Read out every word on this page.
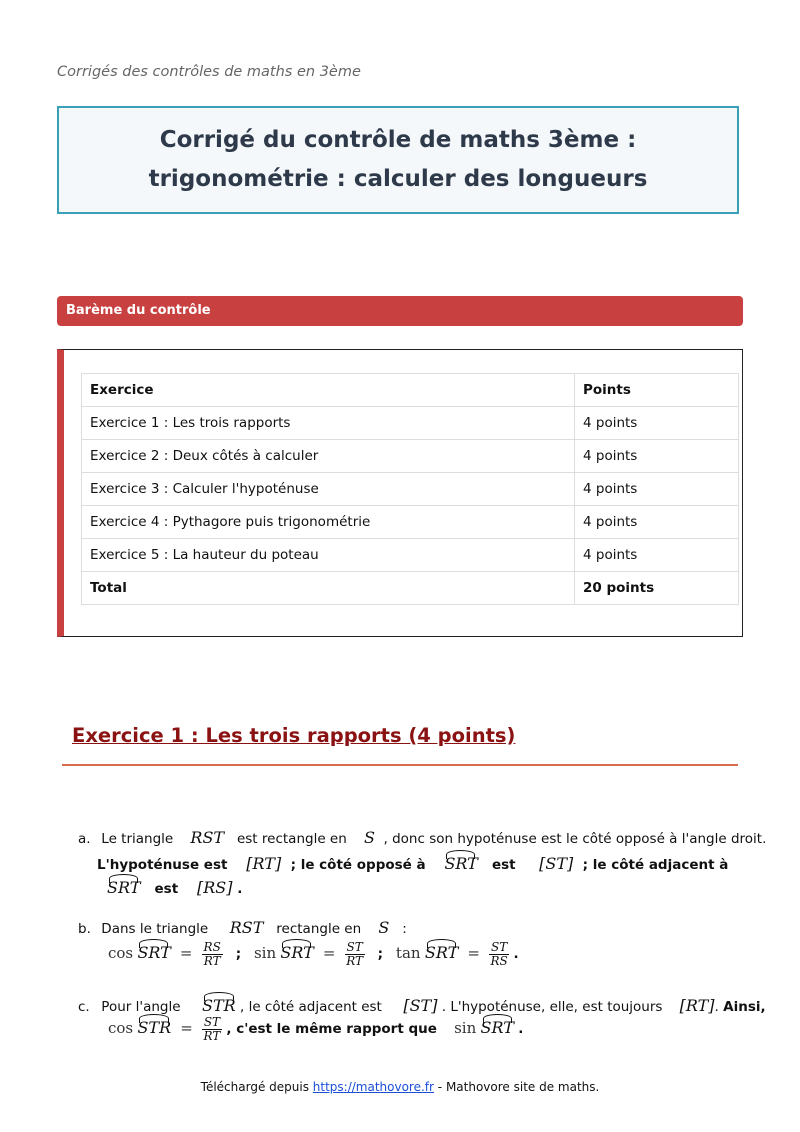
Corrigés des contrôles de maths en 3ème
Corrigé du contrôle de maths 3ème : trigonométrie : calculer des longueurs
Barème du contrôle
Exercice	Points
Exercice 1 : Les trois rapports	4 points
Exercice 2 : Deux côtés à calculer	4 points
Exercice 3 : Calculer l'hypoténuse	4 points
Exercice 4 : Pythagore puis trigonométrie	4 points
Exercice 5 : La hauteur du poteau	4 points
Total	20 points
Exercice 1 : Les trois rapports (4 points)
a. Le triangle RST est rectangle en S , donc son hypoténuse est le côté opposé à l'angle droit.
L'hypoténuse est [RT] ; le côté opposé à SRT est [ST] ; le côté adjacent à
SRT est [RS] .
b. Dans le triangle RST rectangle en S :
cos SRT  = $\frac{RS}{RT}$ ; sin SRT  = $\frac{ST}{RT}$ ; tan SRT  = $\frac{ST}{RS}$ .
c. Pour l'angle STR , le côté adjacent est [ST] . L'hypoténuse, elle, est toujours [RT]. Ainsi,
cos STR  = $\frac{ST}{RT}$ , c'est le même rapport que sin SRT .
Téléchargé depuis https://mathovore.fr - Mathovore site de maths.
